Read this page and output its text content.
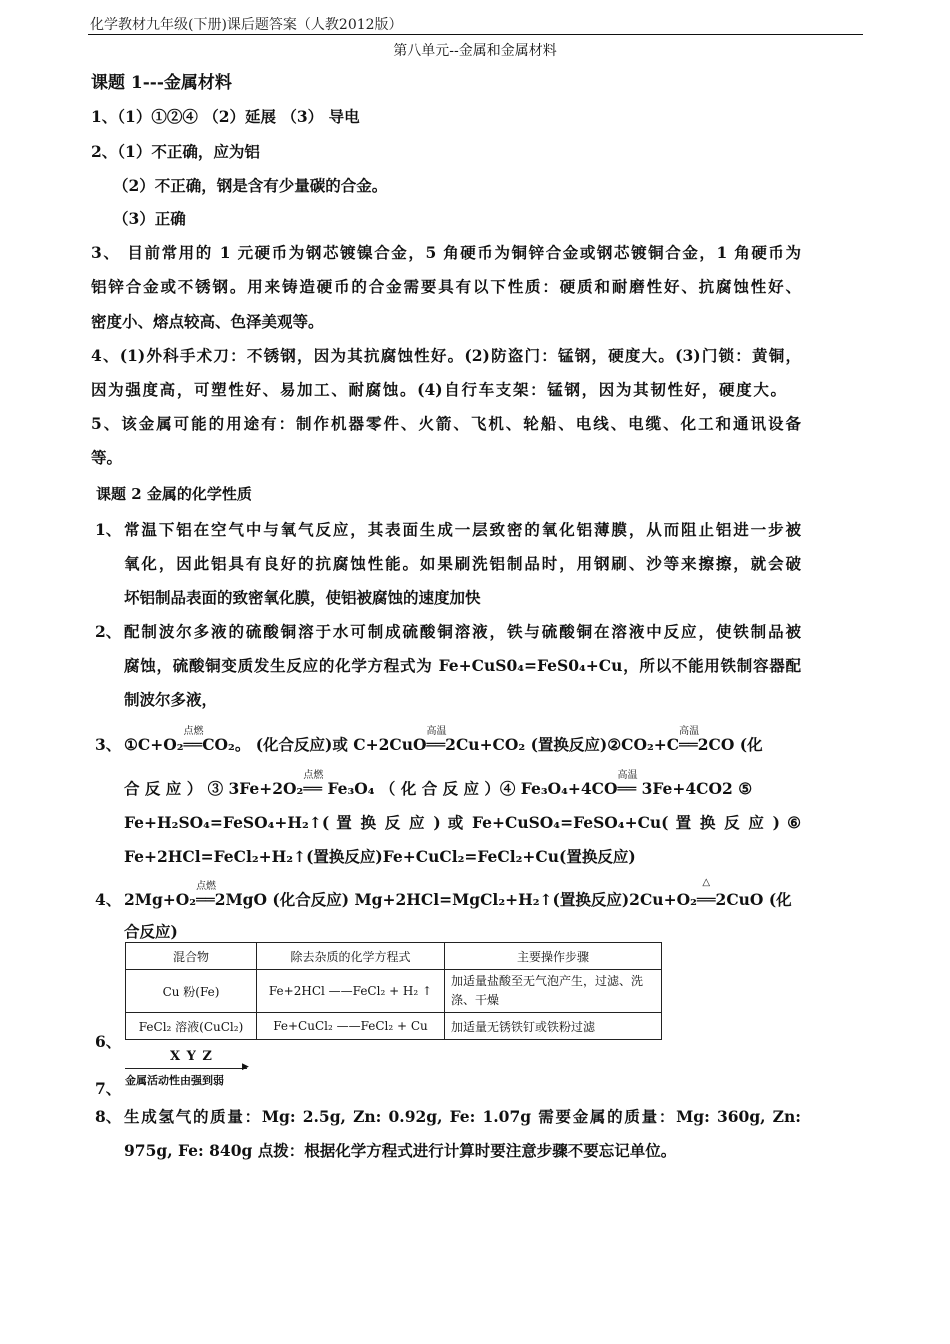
化学教材九年级(下册)课后题答案（人教2012版）
第八单元--金属和金属材料
课题 1---金属材料
1、（1）①②④ （2）延展 （3） 导电
2、（1）不正确，应为铝
（2）不正确，钢是含有少量碳的合金。
（3）正确
3、 目前常用的 1 元硬币为钢芯镀镍合金，5 角硬币为铜锌合金或钢芯镀铜合金，1 角硬币为
铝锌合金或不锈钢。用来铸造硬币的合金需要具有以下性质：硬质和耐磨性好、抗腐蚀性好、
密度小、熔点较高、色泽美观等。
4、(1)外科手术刀：不锈钢，因为其抗腐蚀性好。(2)防盗门：锰钢，硬度大。(3)门锁：黄铜，
因为强度高，可塑性好、易加工、耐腐蚀。(4)自行车支架：锰钢，因为其韧性好，硬度大。
5、该金属可能的用途有：制作机器零件、火箭、飞机、轮船、电线、电缆、化工和通讯设备
等。
课题 2 金属的化学性质
1、 常温下铝在空气中与氧气反应，其表面生成一层致密的氧化铝薄膜，从而阻止铝进一步被
氧化，因此铝具有良好的抗腐蚀性能。如果刷洗铝制品时，用钢刷、沙等来擦擦，就会破
坏铝制品表面的致密氧化膜，使铝被腐蚀的速度加快
2、 配制波尔多液的硫酸铜溶于水可制成硫酸铜溶液，铁与硫酸铜在溶液中反应，使铁制品被
腐蚀，硫酸铜变质发生反应的化学方程式为 Fe+CuS0₄=FeS0₄+Cu，所以不能用铁制容器配
制波尔多液，
3、 ①C+O₂
点燃
══CO₂。 (化合反应)或 C+2CuO
高温
══2Cu+CO₂ (置换反应)②CO₂+C
高温
══2CO (化
合 反 应 ） ③ 3Fe+2O₂
点燃
══ Fe₃O₄ （ 化 合 反 应 ）④ Fe₃O₄+4CO
高温
══ 3Fe+4CO2 ⑤
Fe+H₂SO₄=FeSO₄+H₂↑( 置 换 反 应 ) 或 Fe+CuSO₄=FeSO₄+Cu( 置 换 反 应 ) ⑥
Fe+2HCl=FeCl₂+H₂↑(置换反应)Fe+CuCl₂=FeCl₂+Cu(置换反应)
4、 2Mg+O₂
点燃
══2MgO (化合反应) Mg+2HCl=MgCl₂+H₂↑(置换反应)2Cu+O₂
△
══2CuO (化
合反应)
混合物	除去杂质的化学方程式	主要操作步骤
Cu 粉(Fe)	Fe+2HCl ——FeCl₂ + H₂ ↑	加适量盐酸至无气泡产生，过滤、洗涤、干燥
FeCl₂ 溶液(CuCl₂)	Fe+CuCl₂ ——FeCl₂ + Cu	加适量无锈铁钉或铁粉过滤
6、
7、
X Y Z
▶
金属活动性由强到弱
8、 生成氢气的质量：Mg: 2.5g, Zn: 0.92g, Fe: 1.07g 需要金属的质量：Mg: 360g, Zn:
975g, Fe: 840g 点拨：根据化学方程式进行计算时要注意步骤不要忘记单位。
